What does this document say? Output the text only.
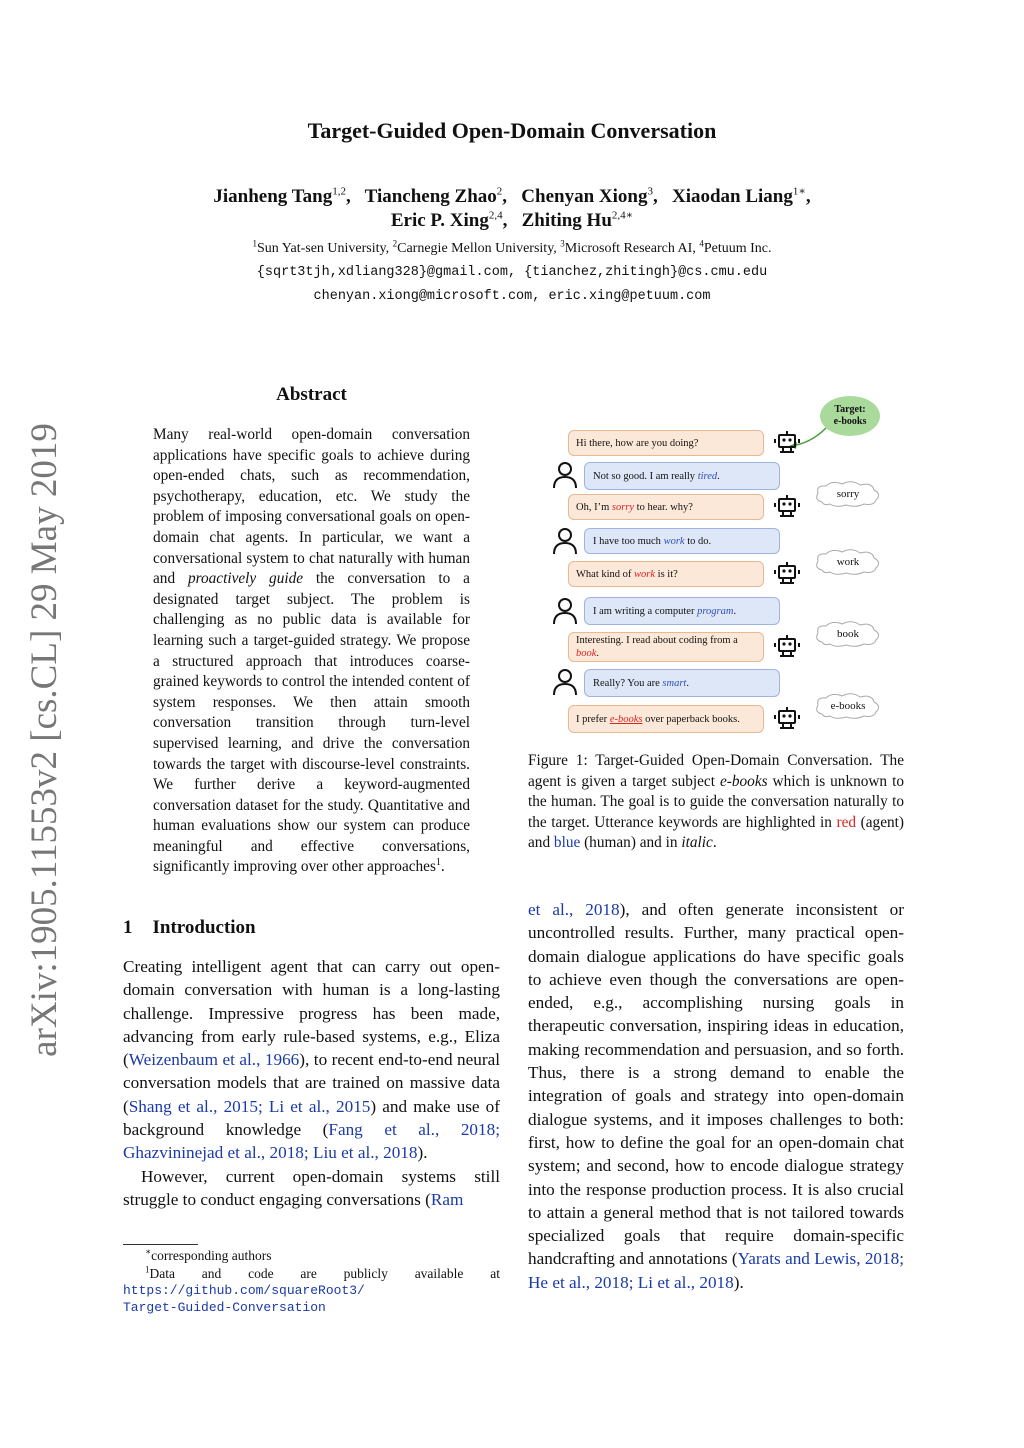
arXiv:1905.11553v2 [cs.CL] 29 May 2019
Target-Guided Open-Domain Conversation
Jianheng Tang$^{1,2}$,   Tiancheng Zhao$^2$,   Chenyan Xiong$^3$,   Xiaodan Liang$^{1∗}$,
Eric P. Xing$^{2,4}$,   Zhiting $Hu^{2,4∗}$
$^1$Sun Yat-sen University, $^2$Carnegie Mellon University, $^3$Microsoft Research AI, $^4$Petuum Inc.
{sqrt3tjh,xdliang328}@gmail.com, {tianchez,zhitingh}@cs.cmu.edu
chenyan.xiong@microsoft.com, eric.xing@petuum.com
Abstract
Many real-world open-domain conversation applications have specific goals to achieve during open-ended chats, such as recommendation, psychotherapy, education, etc. We study the problem of imposing conversational goals on open-domain chat agents. In particular, we want a conversational system to chat naturally with human and proactively guide the conversation to a designated target subject. The problem is challenging as no public data is available for learning such a target-guided strategy. We propose a structured approach that introduces coarse-grained keywords to control the intended content of system responses. We then attain smooth conversation transition through turn-level supervised learning, and drive the conversation towards the target with discourse-level constraints. We further derive a keyword-augmented conversation dataset for the study. Quantitative and human evaluations show our system can produce meaningful and effective conversations, significantly improving over other approaches$^1$.
1 Introduction

Creating intelligent agent that can carry out open-domain conversation with human is a long-lasting challenge. Impressive progress has been made, advancing from early rule-based systems, e.g., Eliza (Weizenbaum et al., 1966), to recent end-to-end neural conversation models that are trained on massive data (Shang et al., 2015; Li et al., 2015) and make use of background knowledge (Fang et al., 2018; Ghazvininejad et al., 2018; Liu et al., 2018).

However, current open-domain systems still struggle to conduct engaging conversations (Ram

∗corresponding authors
$^1$Data and code are publicly available at
https://github.com/squareRoot3/
Target-Guided-Conversation
Target:
e-books
Hi there, how are you doing?
Not so good. I am really tired.
Oh, I’m sorry to hear. why?
I have too much work to do.
What kind of work is it?
I am writing a computer program.
Interesting. I read about coding from a book.
Really? You are smart.
I prefer e-books over paperback books.
sorry
work
book
e-books
Figure 1: Target-Guided Open-Domain Conversation. The agent is given a target subject e-books which is unknown to the human. The goal is to guide the conversation naturally to the target. Utterance keywords are highlighted in red (agent) and blue (human) and in italic.
et al., 2018), and often generate inconsistent or uncontrolled results. Further, many practical open-domain dialogue applications do have specific goals to achieve even though the conversations are open-ended, e.g., accomplishing nursing goals in therapeutic conversation, inspiring ideas in education, making recommendation and persuasion, and so forth. Thus, there is a strong demand to enable the integration of goals and strategy into open-domain dialogue systems, and it imposes challenges to both: first, how to define the goal for an open-domain chat system; and second, how to encode dialogue strategy into the response production process. It is also crucial to attain a general method that is not tailored towards specialized goals that require domain-specific handcrafting and annotations (Yarats and Lewis, 2018; He et al., 2018; Li et al., 2018).
